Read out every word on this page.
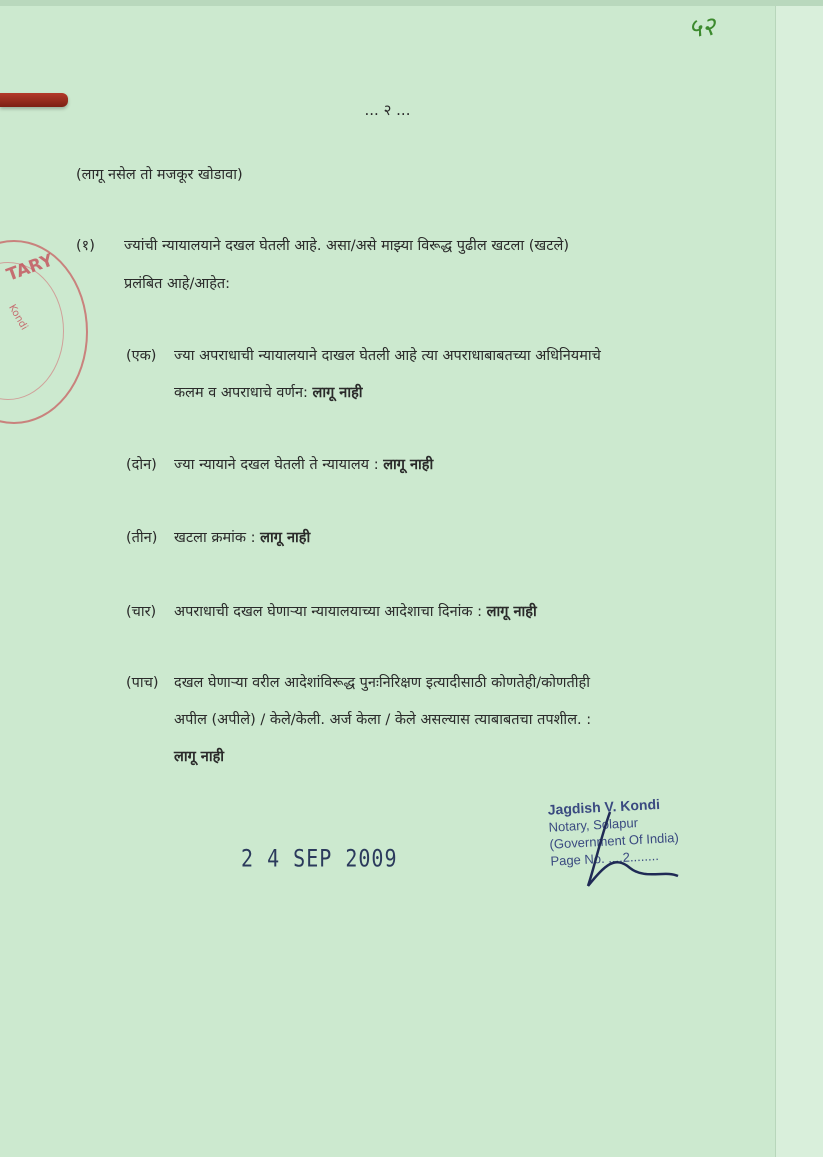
५२
... २ ...
(लागू नसेल तो मजकूर खोडावा)
(१) ज्यांची न्यायालयाने दखल घेतली आहे. असा/असे माझ्या विरूद्ध पुढील खटला (खटले)
प्रलंबित आहे/आहेत:
(एक) ज्या अपराधाची न्यायालयाने दाखल घेतली आहे त्या अपराधाबाबतच्या अधिनियमाचे
कलम व अपराधाचे वर्णन: लागू नाही
(दोन) ज्या न्यायाने दखल घेतली ते न्यायालय : लागू नाही
(तीन) खटला क्रमांक : लागू नाही
(चार) अपराधाची दखल घेणाऱ्या न्यायालयाच्या आदेशाचा दिनांक : लागू नाही
(पाच) दखल घेणाऱ्या वरील आदेशांविरूद्ध पुनःनिरिक्षण इत्यादीसाठी कोणतेही/कोणतीही
अपील (अपीले) / केले/केली. अर्ज केला / केले असल्यास त्याबाबतचा तपशील. :
लागू नाही
TARY
Kondi
2 4 SEP 2009
Jagdish V. Kondi
Notary, Solapur
(Government Of India)
Page No. ....2........
